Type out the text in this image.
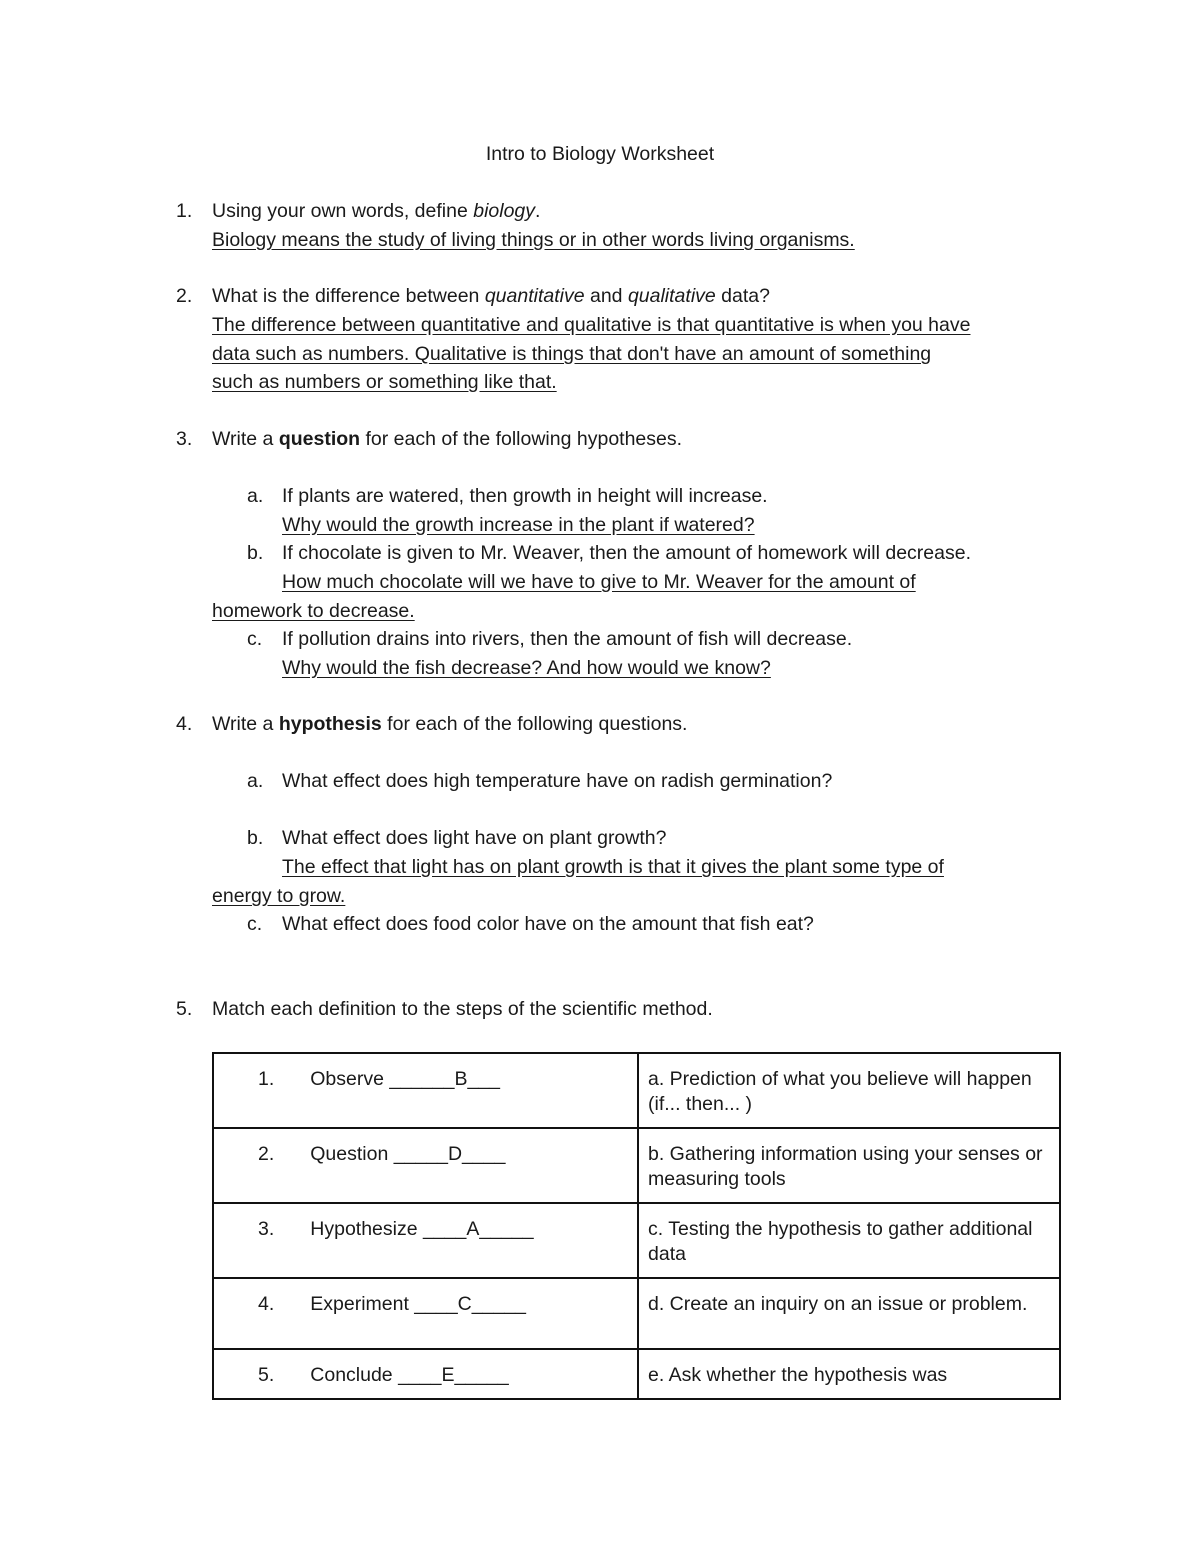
Intro to Biology Worksheet
1. Using your own words, define biology.
Biology means the study of living things or in other words living organisms.
2. What is the difference between quantitative and qualitative data?
The difference between quantitative and qualitative is that quantitative is when you have
data such as numbers. Qualitative is things that don't have an amount of something
such as numbers or something like that.
3. Write a question for each of the following hypotheses.
a. If plants are watered, then growth in height will increase.
Why would the growth increase in the plant if watered?
b. If chocolate is given to Mr. Weaver, then the amount of homework will decrease.
How much chocolate will we have to give to Mr. Weaver for the amount of
homework to decrease.
c. If pollution drains into rivers, then the amount of fish will decrease.
Why would the fish decrease? And how would we know?
4. Write a hypothesis for each of the following questions.
a. What effect does high temperature have on radish germination?
b. What effect does light have on plant growth?
The effect that light has on plant growth is that it gives the plant some type of
energy to grow.
c. What effect does food color have on the amount that fish eat?
5. Match each definition to the steps of the scientific method.
1. Observe ______B___	a. Prediction of what you believe will happen (if... then... )

2. Question _____D____	b. Gathering information using your senses or measuring tools

3. Hypothesize ____A_____	c. Testing the hypothesis to gather additional data

4. Experiment ____C_____	d. Create an inquiry on an issue or problem.

5. Conclude ____E_____	e. Ask whether the hypothesis was
